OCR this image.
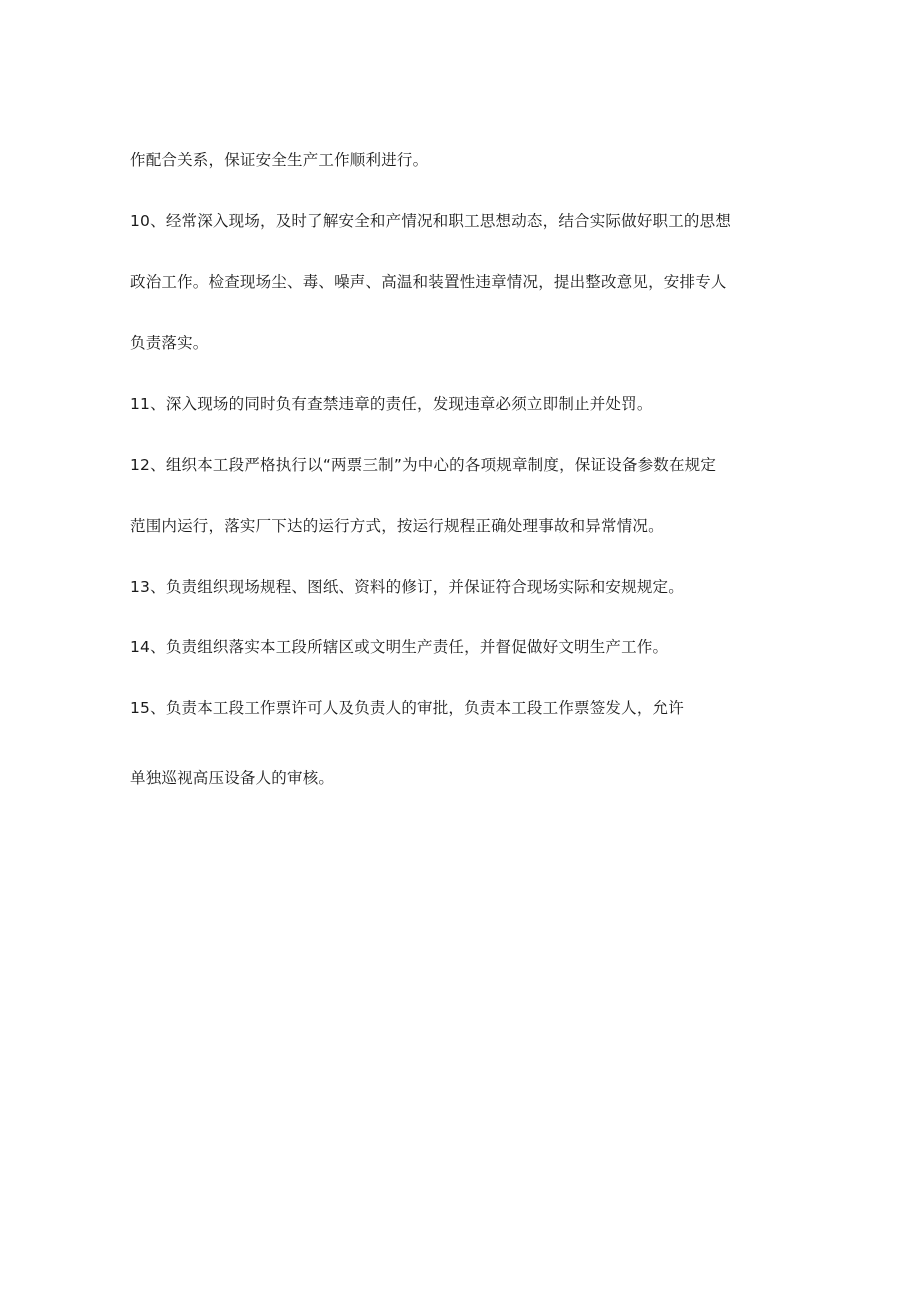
作配合关系，保证安全生产工作顺利进行。
10、经常深入现场，及时了解安全和产情况和职工思想动态，结合实际做好职工的思想
政治工作。检查现场尘、毒、噪声、高温和装置性违章情况，提出整改意见，安排专人
负责落实。
11、深入现场的同时负有查禁违章的责任，发现违章必须立即制止并处罚。
12、组织本工段严格执行以“两票三制”为中心的各项规章制度，保证设备参数在规定
范围内运行，落实厂下达的运行方式，按运行规程正确处理事故和异常情况。
13、负责组织现场规程、图纸、资料的修订，并保证符合现场实际和安规规定。
14、负责组织落实本工段所辖区或文明生产责任，并督促做好文明生产工作。
15、负责本工段工作票许可人及负责人的审批，负责本工段工作票签发人，允许
单独巡视高压设备人的审核。
